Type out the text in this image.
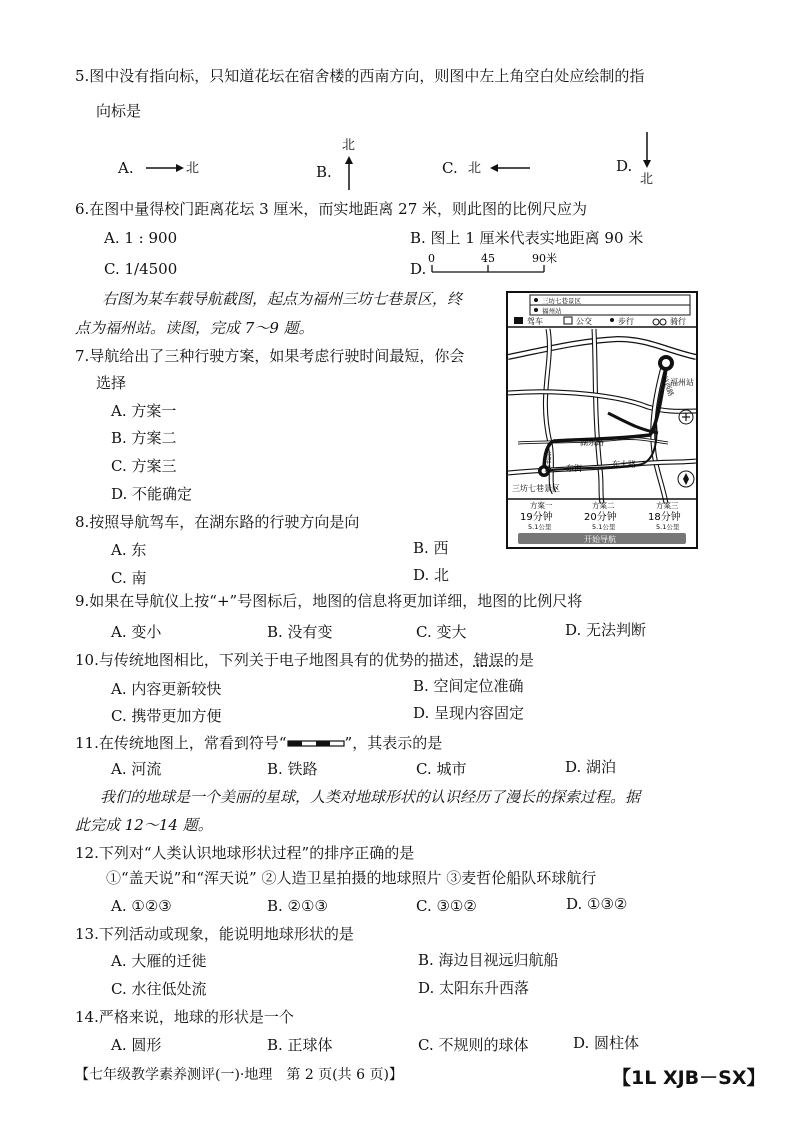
5.图中没有指向标，只知道花坛在宿舍楼的西南方向，则图中左上角空白处应绘制的指
向标是
A.	北
北
B.	C. 北	D.
北
6.在图中量得校门距离花坛 3 厘米，而实地距离 27 米，则此图的比例尺应为
A. 1 : 900	B. 图上 1 厘米代表实地距离 90 米
C. 1/4500	D.
0	45	90米
右图为某车载导航截图，起点为福州三坊七巷景区，终
点为福州站。读图，完成 7～9 题。
7.导航给出了三种行驶方案，如果考虑行驶时间最短，你会
选择
A. 方案一
B. 方案二
C. 方案三
D. 不能确定
8.按照导航驾车，在湖东路的行驶方向是向
A. 东	B. 西
C. 南	D. 北
三坊七巷景区
福州站
驾车	公交	步行	骑行
福州站
湖东路
东街	东大路
鼓屏路
站西路
三坊七巷景区
方案一	方案二	方案三
19分钟	20分钟	18分钟
5.1公里	5.1公里	5.1公里
开始导航
9.如果在导航仪上按“+”号图标后，地图的信息将更加详细，地图的比例尺将
A. 变小	B. 没有变	C. 变大	D. 无法判断
10.与传统地图相比，下列关于电子地图具有的优势的描述，错误的是
A. 内容更新较快	B. 空间定位准确
C. 携带更加方便	D. 呈现内容固定
11.在传统地图上，常看到符号“	”，其表示的是
A. 河流	B. 铁路	C. 城市	D. 湖泊
我们的地球是一个美丽的星球，人类对地球形状的认识经历了漫长的探索过程。据
此完成 12～14 题。
12.下列对“人类认识地球形状过程”的排序正确的是
①“盖天说”和“浑天说” ②人造卫星拍摄的地球照片 ③麦哲伦船队环球航行
A. ①②③	B. ②①③	C. ③①②	D. ①③②
13.下列活动或现象，能说明地球形状的是
A. 大雁的迁徙	B. 海边目视远归航船
C. 水往低处流	D. 太阳东升西落
14.严格来说，地球的形状是一个
A. 圆形	B. 正球体	C. 不规则的球体	D. 圆柱体
【七年级教学素养测评(一)·地理　第 2 页(共 6 页)】	【1L XJB－SX】
